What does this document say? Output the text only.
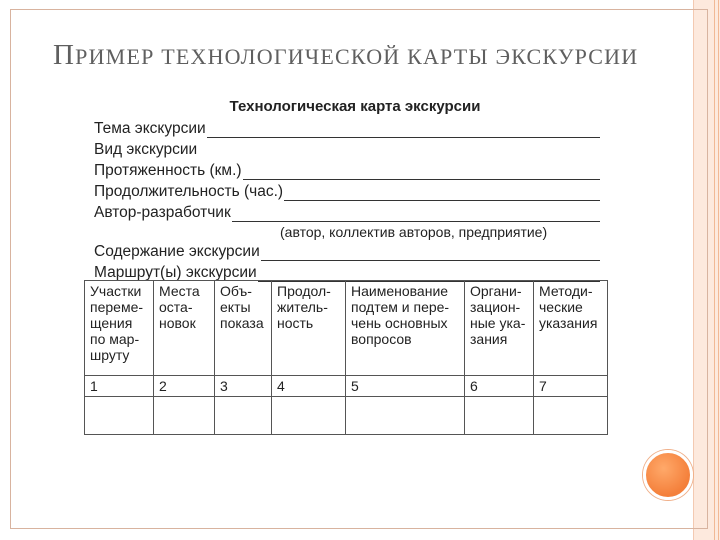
ПРИМЕР ТЕХНОЛОГИЧЕСКОЙ КАРТЫ ЭКСКУРСИИ
Технологическая карта экскурсии
Тема экскурсии
Вид экскурсии
Протяженность (км.)
Продолжительность (час.)
Автор-разработчик
(автор, коллектив авторов, предприятие)
Содержание экскурсии
Маршрут(ы) экскурсии
Участки
переме-
щения
по мар-
шруту	Места
оста-
новок	Объ-
екты
показа	Продол-
житель-
ность	Наименование
подтем и пере-
чень основных
вопросов	Органи-
зацион-
ные ука-
зания	Методи-
ческие
указания
1	2	3	4	5	6	7
